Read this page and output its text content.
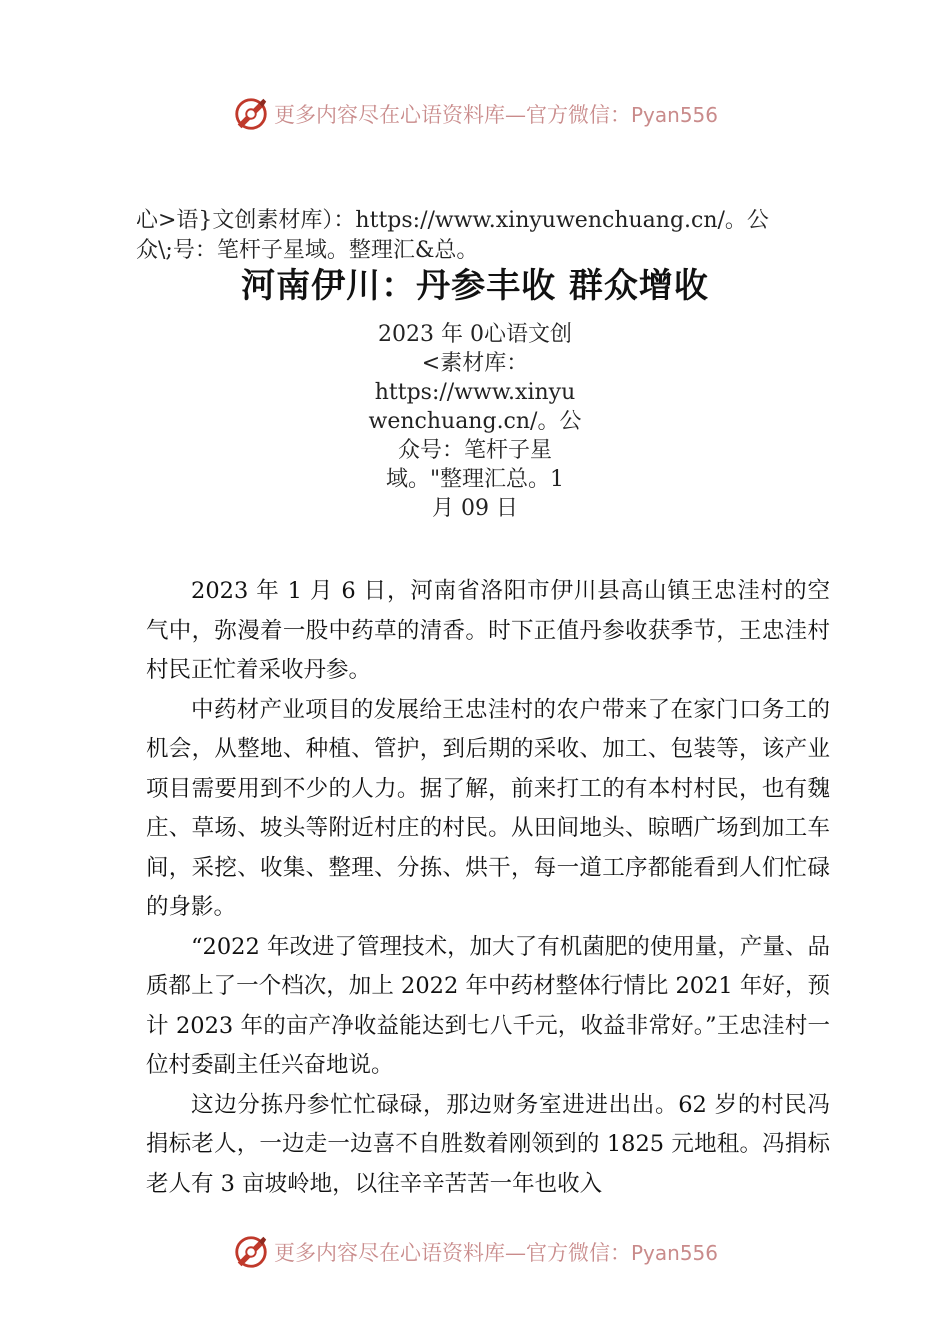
更多内容尽在心语资料库—官方微信：Pyan556
心>语}文创素材库）：https://www.xinyuwenchuang.cn/。公
众\;号：笔杆子星域。整理汇&总。
河南伊川：丹参丰收 群众增收
2023 年 0心语文创
<素材库：
https://www.xinyu
wenchuang.cn/。公
众号：笔杆子星
域。"整理汇总。1
月 09 日

2023 年 1 月 6 日，河南省洛阳市伊川县高山镇王忠洼村的空气中，弥漫着一股中药草的清香。时下正值丹参收获季节，王忠洼村村民正忙着采收丹参。

中药材产业项目的发展给王忠洼村的农户带来了在家门口务工的机会，从整地、种植、管护，到后期的采收、加工、包装等，该产业项目需要用到不少的人力。据了解，前来打工的有本村村民，也有魏庄、草场、坡头等附近村庄的村民。从田间地头、晾晒广场到加工车间，采挖、收集、整理、分拣、烘干，每一道工序都能看到人们忙碌的身影。

“2022 年改进了管理技术，加大了有机菌肥的使用量，产量、品质都上了一个档次，加上 2022 年中药材整体行情比 2021 年好，预计 2023 年的亩产净收益能达到七八千元，收益非常好。”王忠洼村一位村委副主任兴奋地说。

这边分拣丹参忙忙碌碌，那边财务室进进出出。62 岁的村民冯捐标老人，一边走一边喜不自胜数着刚领到的 1825 元地租。冯捐标老人有 3 亩坡岭地，以往辛辛苦苦一年也收入

更多内容尽在心语资料库—官方微信：Pyan556
